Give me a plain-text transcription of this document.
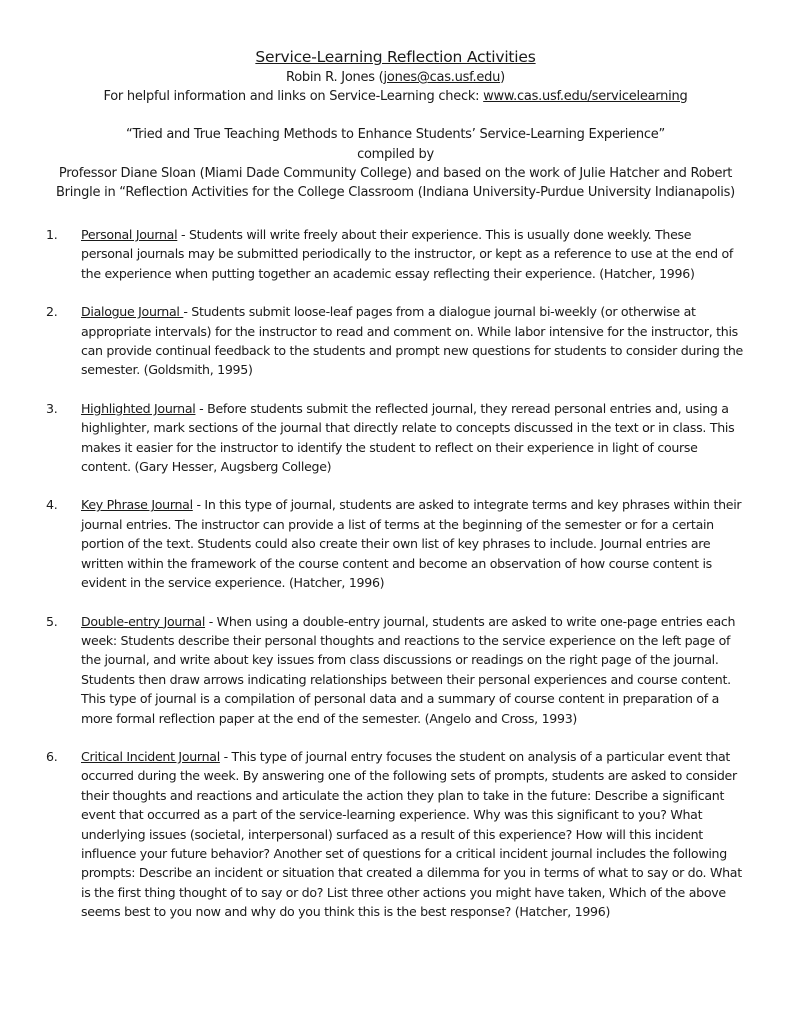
Service-Learning Reflection Activities
Robin R. Jones (jones@cas.usf.edu)
For helpful information and links on Service-Learning check: www.cas.usf.edu/servicelearning
“Tried and True Teaching Methods to Enhance Students’ Service-Learning Experience”
compiled by
Professor Diane Sloan (Miami Dade Community College) and based on the work of Julie Hatcher and Robert
Bringle in “Reflection Activities for the College Classroom (Indiana University-Purdue University Indianapolis)
1.	Personal Journal - Students will write freely about their experience. This is usually done weekly. These personal journals may be submitted periodically to the instructor, or kept as a reference to use at the end of the experience when putting together an academic essay reflecting their experience. (Hatcher, 1996)
2.	Dialogue Journal - Students submit loose-leaf pages from a dialogue journal bi-weekly (or otherwise at appropriate intervals) for the instructor to read and comment on. While labor intensive for the instructor, this can provide continual feedback to the students and prompt new questions for students to consider during the semester. (Goldsmith, 1995)
3.	Highlighted Journal - Before students submit the reflected journal, they reread personal entries and, using a highlighter, mark sections of the journal that directly relate to concepts discussed in the text or in class. This makes it easier for the instructor to identify the student to reflect on their experience in light of course content. (Gary Hesser, Augsberg College)
4.	Key Phrase Journal - In this type of journal, students are asked to integrate terms and key phrases within their journal entries. The instructor can provide a list of terms at the beginning of the semester or for a certain portion of the text. Students could also create their own list of key phrases to include. Journal entries are written within the framework of the course content and become an observation of how course content is evident in the service experience. (Hatcher, 1996)
5.	Double-entry Journal - When using a double-entry journal, students are asked to write one-page entries each week: Students describe their personal thoughts and reactions to the service experience on the left page of the journal, and write about key issues from class discussions or readings on the right page of the journal. Students then draw arrows indicating relationships between their personal experiences and course content. This type of journal is a compilation of personal data and a summary of course content in preparation of a more formal reflection paper at the end of the semester. (Angelo and Cross, 1993)
6.	Critical Incident Journal - This type of journal entry focuses the student on analysis of a particular event that occurred during the week. By answering one of the following sets of prompts, students are asked to consider their thoughts and reactions and articulate the action they plan to take in the future: Describe a significant event that occurred as a part of the service-learning experience. Why was this significant to you? What underlying issues (societal, interpersonal) surfaced as a result of this experience? How will this incident influence your future behavior? Another set of questions for a critical incident journal includes the following prompts: Describe an incident or situation that created a dilemma for you in terms of what to say or do. What is the first thing thought of to say or do? List three other actions you might have taken, Which of the above seems best to you now and why do you think this is the best response? (Hatcher, 1996)
